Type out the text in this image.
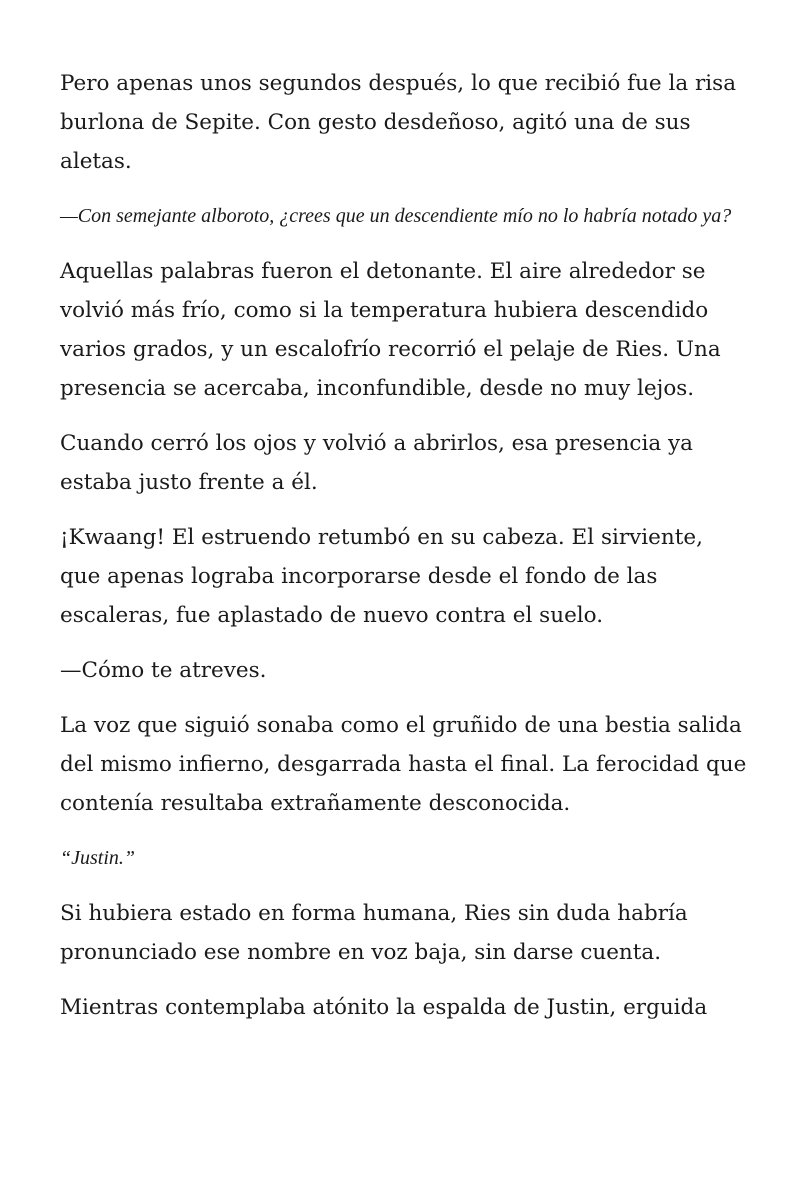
Pero apenas unos segundos después, lo que recibió fue la risa burlona de Sepite. Con gesto desdeñoso, agitó una de sus aletas.

—Con semejante alboroto, ¿crees que un descendiente mío no lo habría notado ya?

Aquellas palabras fueron el detonante. El aire alrededor se volvió más frío, como si la temperatura hubiera descendido varios grados, y un escalofrío recorrió el pelaje de Ries. Una presencia se acercaba, inconfundible, desde no muy lejos.

Cuando cerró los ojos y volvió a abrirlos, esa presencia ya estaba justo frente a él.

¡Kwaang! El estruendo retumbó en su cabeza. El sirviente, que apenas lograba incorporarse desde el fondo de las escaleras, fue aplastado de nuevo contra el suelo.

—Cómo te atreves.

La voz que siguió sonaba como el gruñido de una bestia salida del mismo infierno, desgarrada hasta el final. La ferocidad que contenía resultaba extrañamente desconocida.

“Justin.”

Si hubiera estado en forma humana, Ries sin duda habría pronunciado ese nombre en voz baja, sin darse cuenta.

Mientras contemplaba atónito la espalda de Justin, erguida
